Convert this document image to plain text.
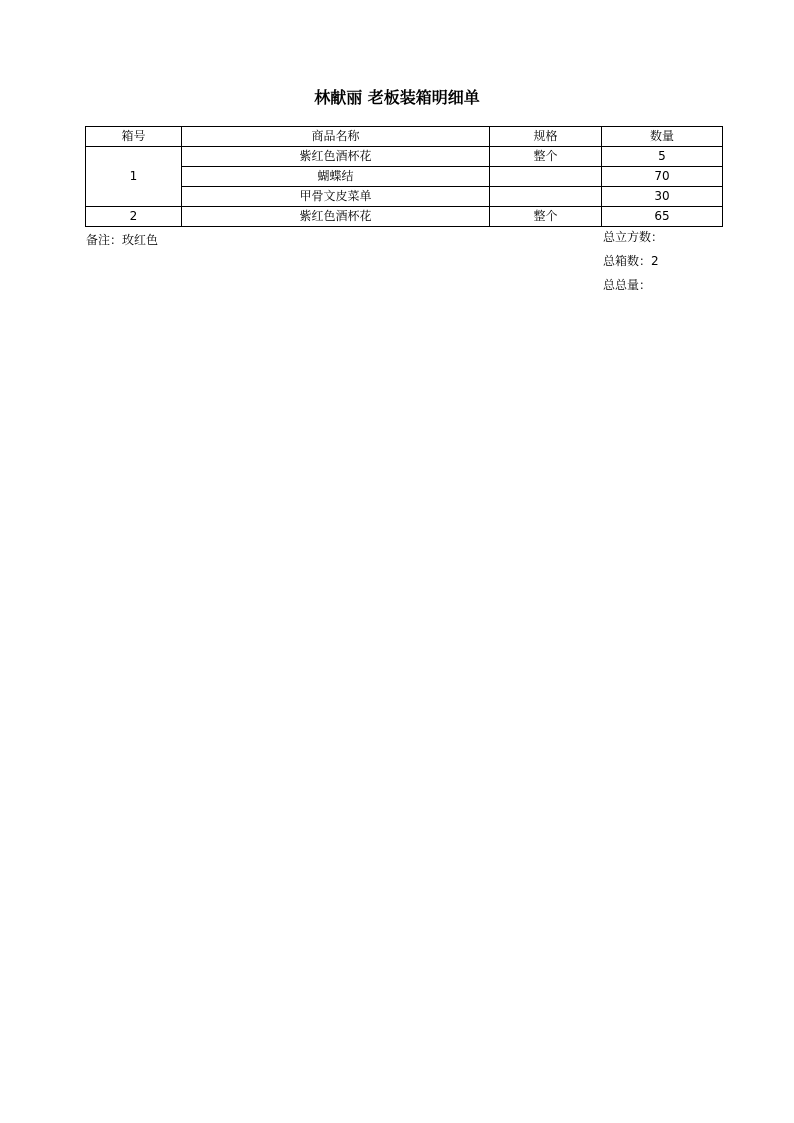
林献丽 老板装箱明细单
箱号	商品名称	规格	数量
1	紫红色酒杯花	整个	5
	蝴蝶结		70
	甲骨文皮菜单		30
2	紫红色酒杯花	整个	65
备注：玫红色	总立方数：
总箱数：2
总总量：
